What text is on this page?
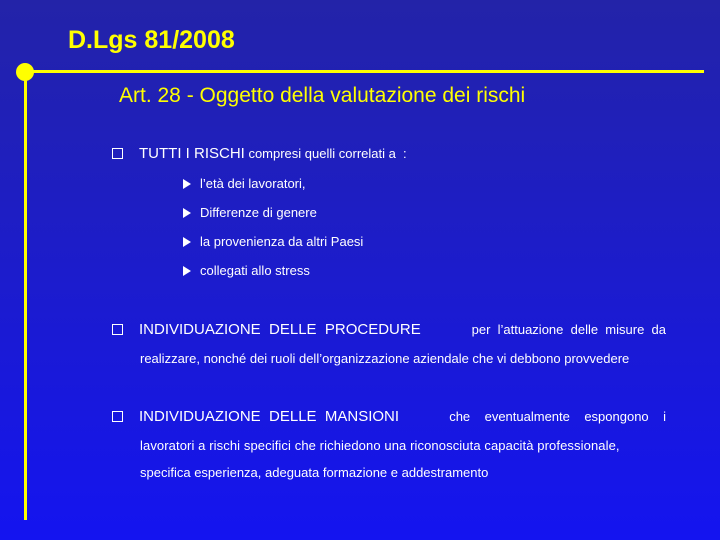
D.Lgs 81/2008
Art. 28 - Oggetto della valutazione dei rischi
TUTTI I RISCHI compresi quelli correlati a  :
l’età dei lavoratori,
Differenze di genere
la provenienza da altri Paesi
collegati allo stress
INDIVIDUAZIONE  DELLE  PROCEDURE	per  l’attuazione  delle  misure  da
realizzare, nonché dei ruoli dell’organizzazione aziendale che vi debbono provvedere
INDIVIDUAZIONE  DELLE  MANSIONI	che    eventualmente    espongono    i
lavoratori a rischi specifici che richiedono una riconosciuta capacità professionale,
specifica esperienza, adeguata formazione e addestramento
